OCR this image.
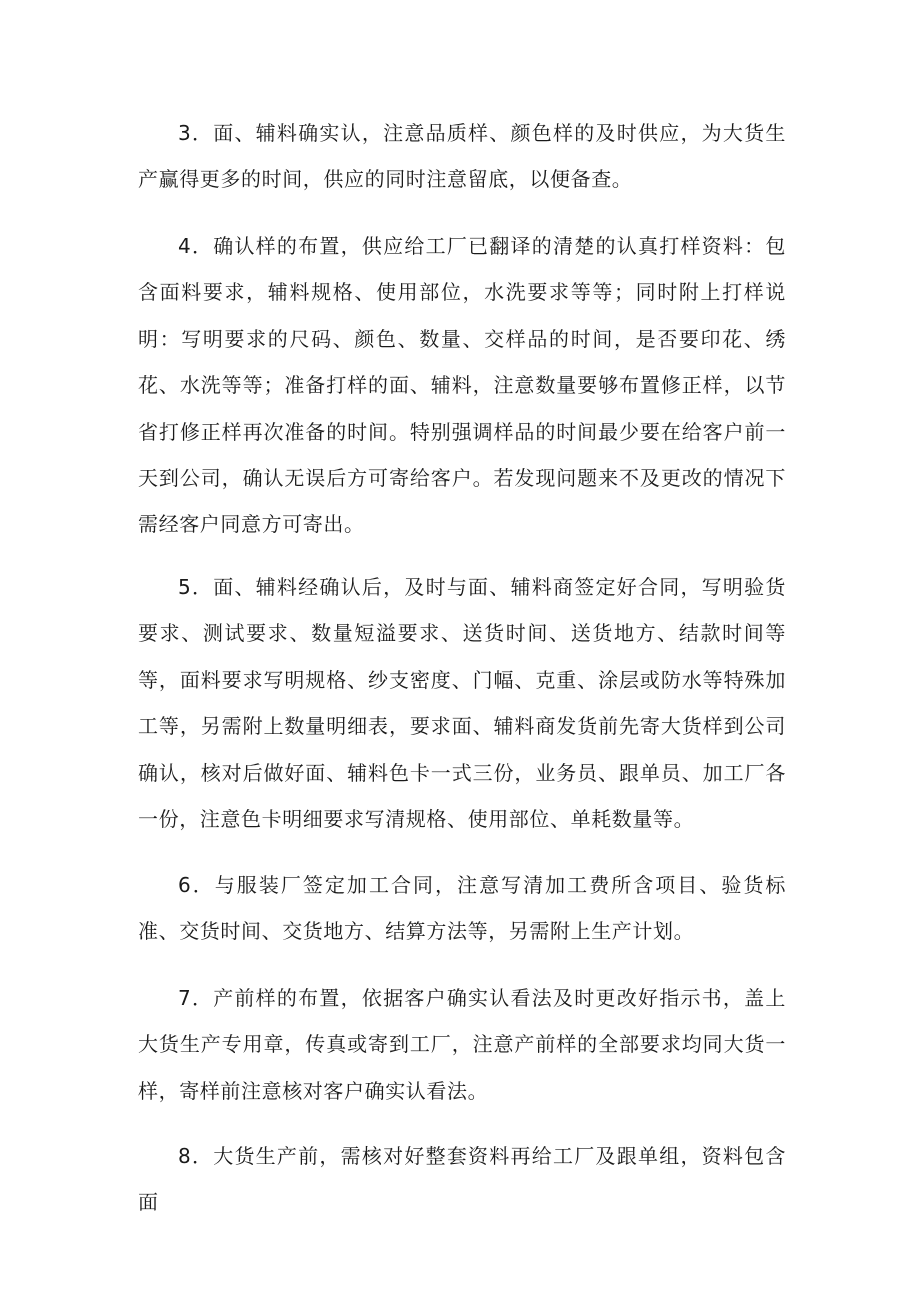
3．面、辅料确实认，注意品质样、颜色样的及时供应，为大货生产赢得更多的时间，供应的同时注意留底，以便备查。

4．确认样的布置，供应给工厂已翻译的清楚的认真打样资料：包含面料要求，辅料规格、使用部位，水洗要求等等；同时附上打样说明：写明要求的尺码、颜色、数量、交样品的时间，是否要印花、绣花、水洗等等；准备打样的面、辅料，注意数量要够布置修正样，以节省打修正样再次准备的时间。特别强调样品的时间最少要在给客户前一天到公司，确认无误后方可寄给客户。若发现问题来不及更改的情况下需经客户同意方可寄出。

5．面、辅料经确认后，及时与面、辅料商签定好合同，写明验货要求、测试要求、数量短溢要求、送货时间、送货地方、结款时间等等，面料要求写明规格、纱支密度、门幅、克重、涂层或防水等特殊加工等，另需附上数量明细表，要求面、辅料商发货前先寄大货样到公司确认，核对后做好面、辅料色卡一式三份，业务员、跟单员、加工厂各一份，注意色卡明细要求写清规格、使用部位、单耗数量等。

6．与服装厂签定加工合同，注意写清加工费所含项目、验货标准、交货时间、交货地方、结算方法等，另需附上生产计划。

7．产前样的布置，依据客户确实认看法及时更改好指示书，盖上大货生产专用章，传真或寄到工厂，注意产前样的全部要求均同大货一样，寄样前注意核对客户确实认看法。

8．大货生产前，需核对好整套资料再给工厂及跟单组，资料包含面
